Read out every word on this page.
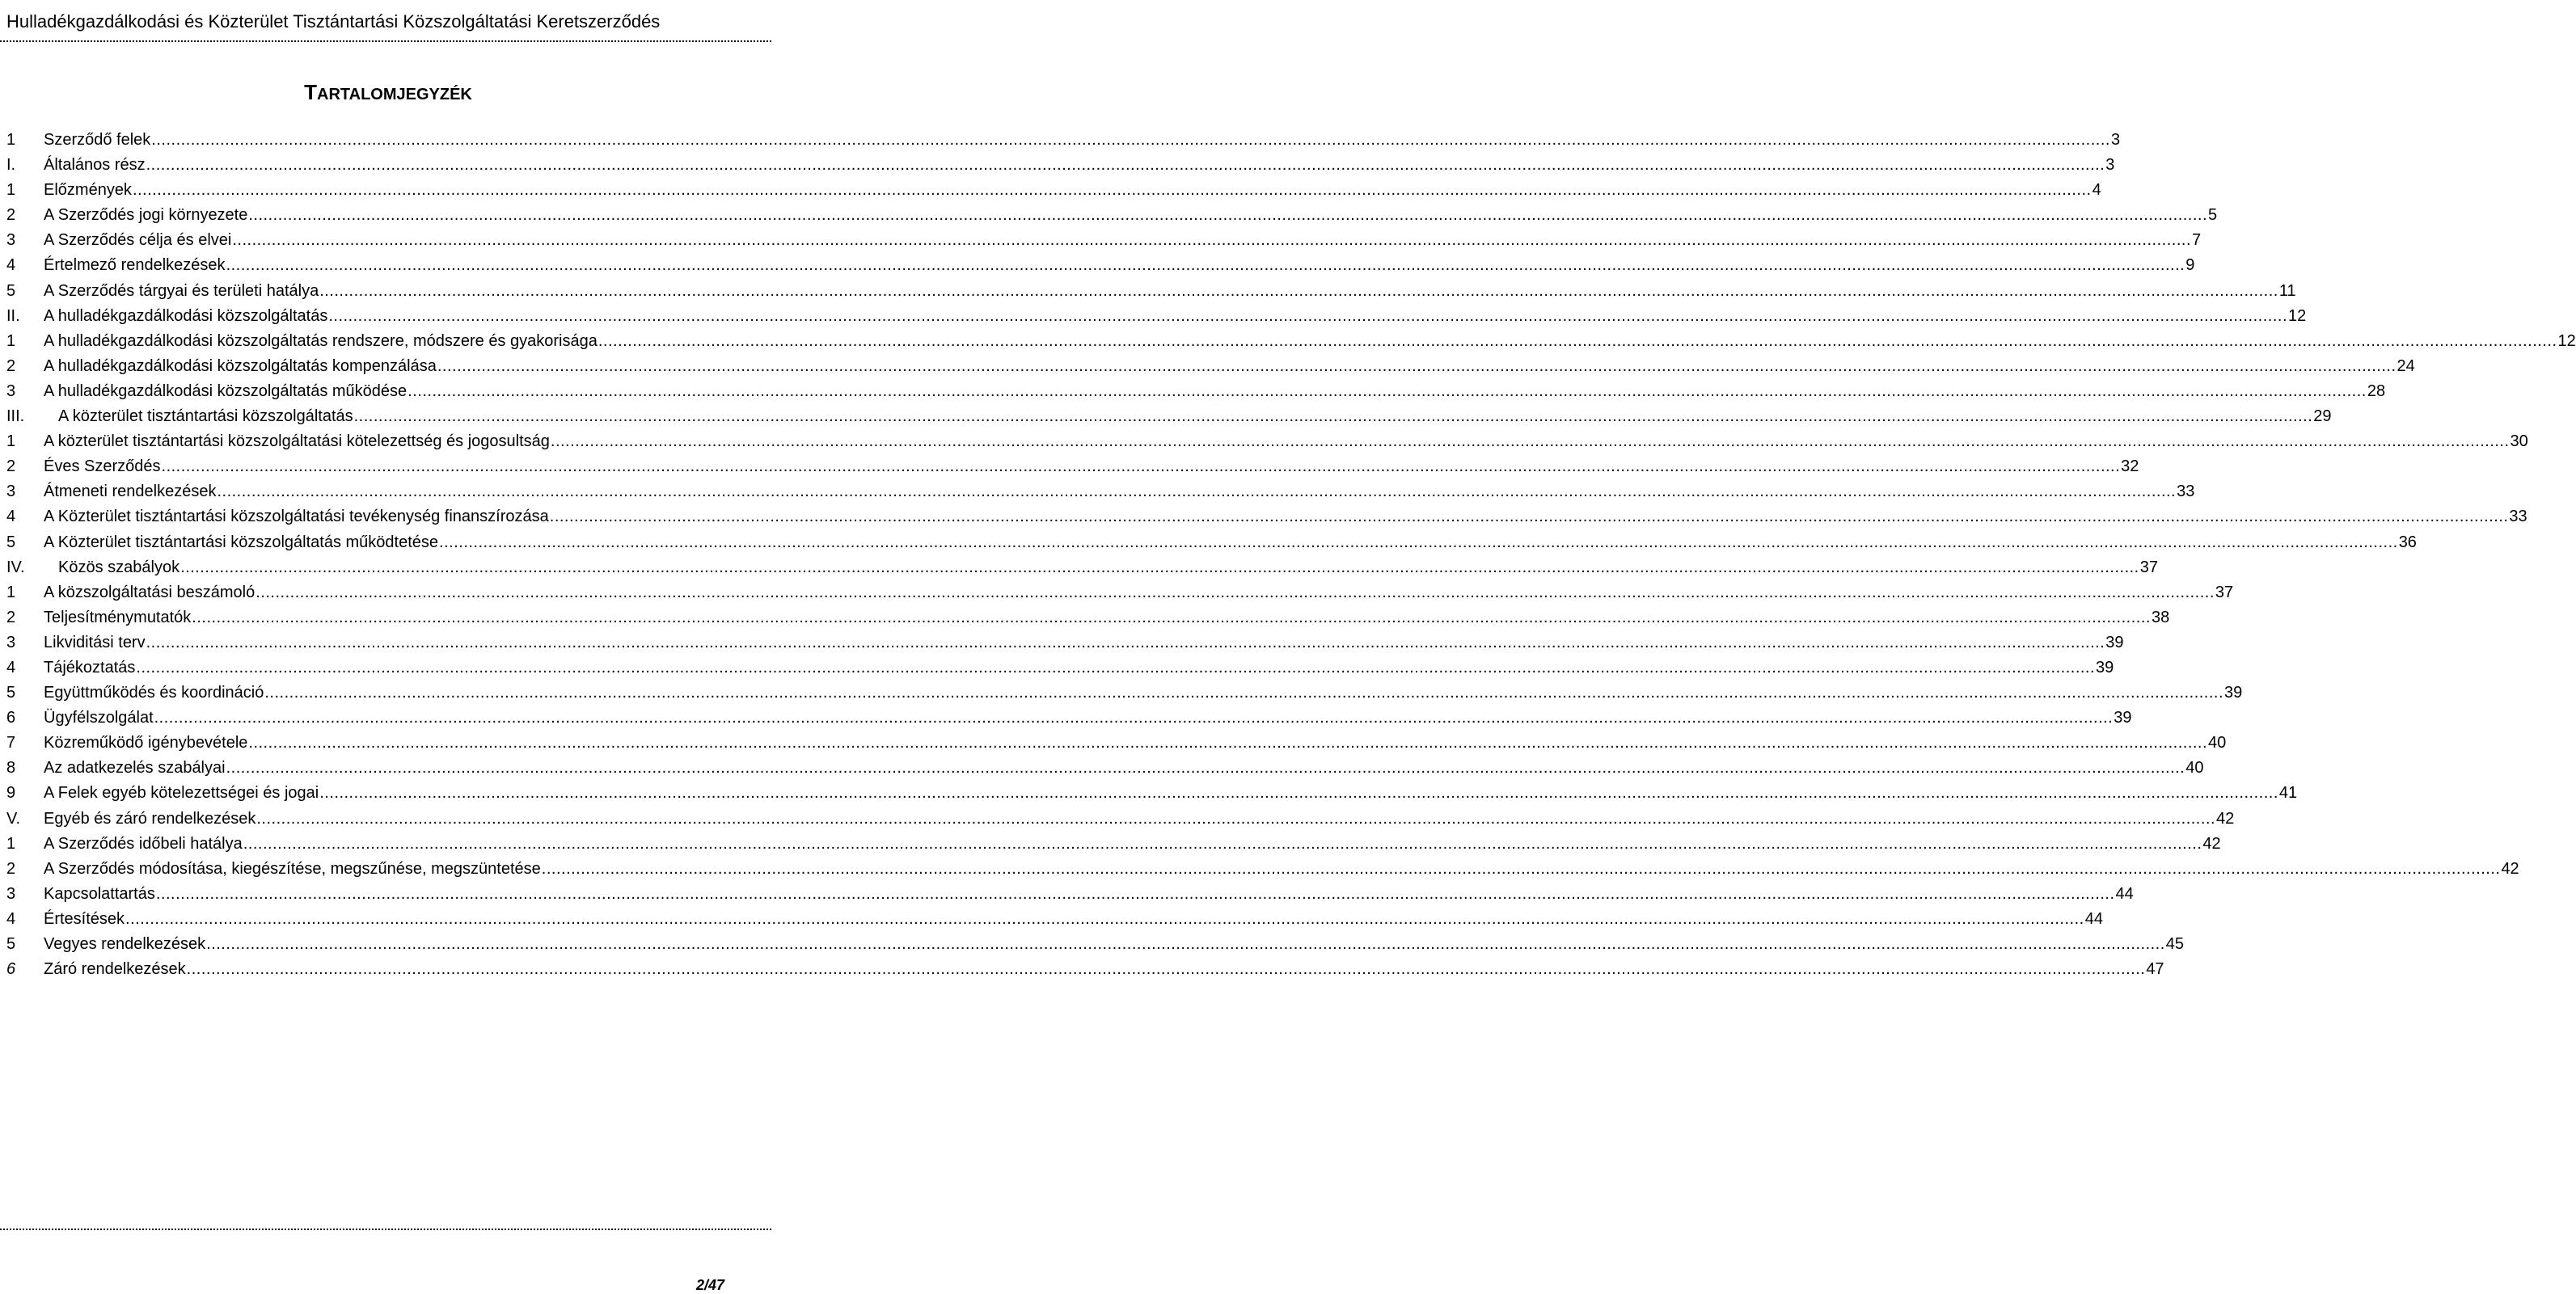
Hulladékgazdálkodási és Közterület Tisztántartási Közszolgáltatási Keretszerződés
TARTALOMJEGYZÉK
1	Szerződő felek ................................................................................................................................................................................................................................................................................................................................................................................................................ 3
I.	Általános rész ................................................................................................................................................................................................................................................................................................................................................................................................................ 3
1	Előzmények ................................................................................................................................................................................................................................................................................................................................................................................................................ 4
2	A Szerződés jogi környezete ................................................................................................................................................................................................................................................................................................................................................................................................................ 5
3	A Szerződés célja és elvei ................................................................................................................................................................................................................................................................................................................................................................................................................ 7
4	Értelmező rendelkezések ................................................................................................................................................................................................................................................................................................................................................................................................................ 9
5	A Szerződés tárgyai és területi hatálya ................................................................................................................................................................................................................................................................................................................................................................................................................ 11
II.	A hulladékgazdálkodási közszolgáltatás ................................................................................................................................................................................................................................................................................................................................................................................................................ 12
1	A hulladékgazdálkodási közszolgáltatás rendszere, módszere és gyakorisága ................................................................................................................................................................................................................................................................................................................................................................................................................ 12
2	A hulladékgazdálkodási közszolgáltatás kompenzálása ................................................................................................................................................................................................................................................................................................................................................................................................................ 24
3	A hulladékgazdálkodási közszolgáltatás működése ................................................................................................................................................................................................................................................................................................................................................................................................................ 28
III.	A közterület tisztántartási közszolgáltatás ................................................................................................................................................................................................................................................................................................................................................................................................................ 29
1	A közterület tisztántartási közszolgáltatási kötelezettség és jogosultság ................................................................................................................................................................................................................................................................................................................................................................................................................ 30
2	Éves Szerződés ................................................................................................................................................................................................................................................................................................................................................................................................................ 32
3	Átmeneti rendelkezések ................................................................................................................................................................................................................................................................................................................................................................................................................ 33
4	A Közterület tisztántartási közszolgáltatási tevékenység finanszírozása ................................................................................................................................................................................................................................................................................................................................................................................................................ 33
5	A Közterület tisztántartási közszolgáltatás működtetése ................................................................................................................................................................................................................................................................................................................................................................................................................ 36
IV.	Közös szabályok ................................................................................................................................................................................................................................................................................................................................................................................................................ 37
1	A közszolgáltatási beszámoló ................................................................................................................................................................................................................................................................................................................................................................................................................ 37
2	Teljesítménymutatók ................................................................................................................................................................................................................................................................................................................................................................................................................ 38
3	Likviditási terv ................................................................................................................................................................................................................................................................................................................................................................................................................ 39
4	Tájékoztatás ................................................................................................................................................................................................................................................................................................................................................................................................................ 39
5	Együttműködés és koordináció ................................................................................................................................................................................................................................................................................................................................................................................................................ 39
6	Ügyfélszolgálat ................................................................................................................................................................................................................................................................................................................................................................................................................ 39
7	Közreműködő igénybevétele ................................................................................................................................................................................................................................................................................................................................................................................................................ 40
8	Az adatkezelés szabályai ................................................................................................................................................................................................................................................................................................................................................................................................................ 40
9	A Felek egyéb kötelezettségei és jogai ................................................................................................................................................................................................................................................................................................................................................................................................................ 41
V.	Egyéb és záró rendelkezések ................................................................................................................................................................................................................................................................................................................................................................................................................ 42
1	A Szerződés időbeli hatálya ................................................................................................................................................................................................................................................................................................................................................................................................................ 42
2	A Szerződés módosítása, kiegészítése, megszűnése, megszüntetése ................................................................................................................................................................................................................................................................................................................................................................................................................ 42
3	Kapcsolattartás ................................................................................................................................................................................................................................................................................................................................................................................................................ 44
4	Értesítések ................................................................................................................................................................................................................................................................................................................................................................................................................ 44
5	Vegyes rendelkezések ................................................................................................................................................................................................................................................................................................................................................................................................................ 45
6	Záró rendelkezések ................................................................................................................................................................................................................................................................................................................................................................................................................ 47
2/47
